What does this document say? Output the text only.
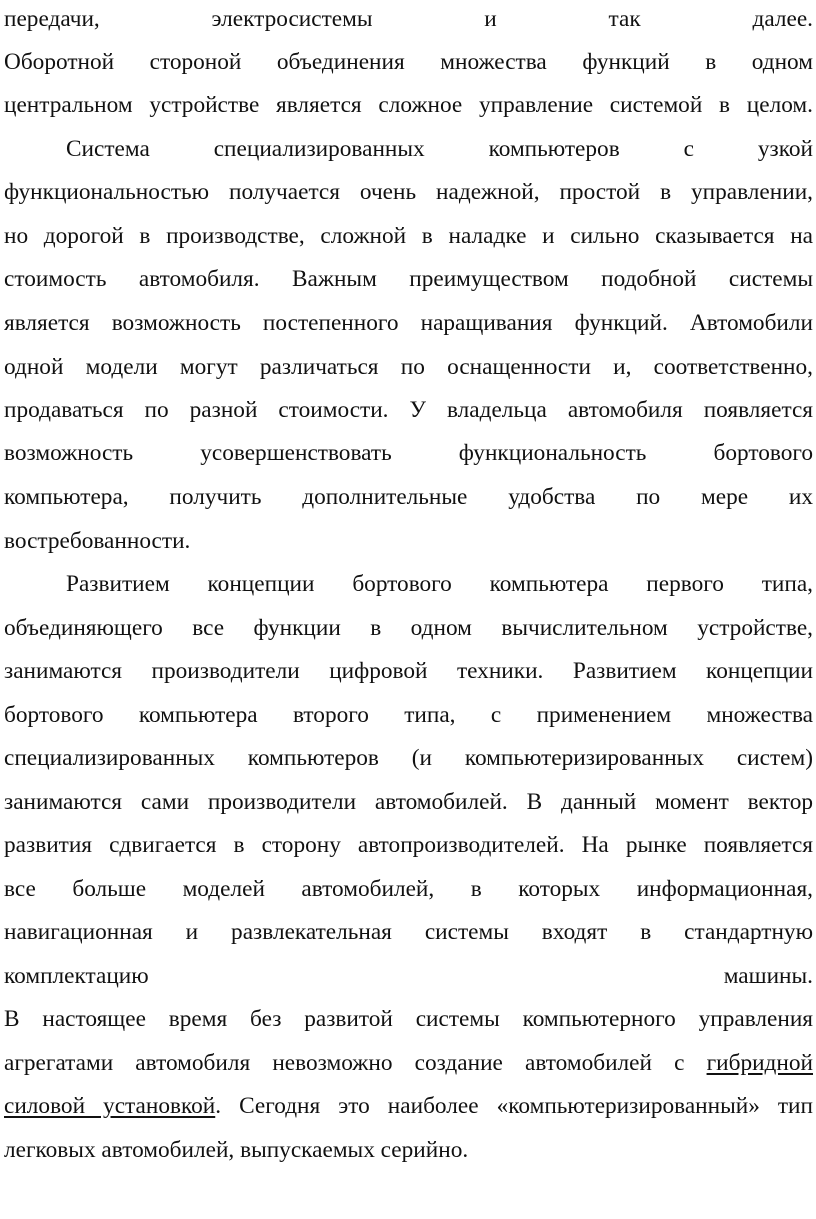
передачи, электросистемы и так далее.
Оборотной стороной объединения множества функций в одном
центральном устройстве является сложное управление системой в целом.
Система специализированных компьютеров с узкой
функциональностью получается очень надежной, простой в управлении,
но дорогой в производстве, сложной в наладке и сильно сказывается на
стоимость автомобиля. Важным преимуществом подобной системы
является возможность постепенного наращивания функций. Автомобили
одной модели могут различаться по оснащенности и, соответственно,
продаваться по разной стоимости. У владельца автомобиля появляется
возможность усовершенствовать функциональность бортового
компьютера, получить дополнительные удобства по мере их
востребованности.
Развитием концепции бортового компьютера первого типа,
объединяющего все функции в одном вычислительном устройстве,
занимаются производители цифровой техники. Развитием концепции
бортового компьютера второго типа, с применением множества
специализированных компьютеров (и компьютеризированных систем)
занимаются сами производители автомобилей. В данный момент вектор
развития сдвигается в сторону автопроизводителей. На рынке появляется
все больше моделей автомобилей, в которых информационная,
навигационная и развлекательная системы входят в стандартную
комплектацию машины.
В настоящее время без развитой системы компьютерного управления
агрегатами автомобиля невозможно создание автомобилей с гибридной
силовой установкой. Сегодня это наиболее «компьютеризированный» тип
легковых автомобилей, выпускаемых серийно.
